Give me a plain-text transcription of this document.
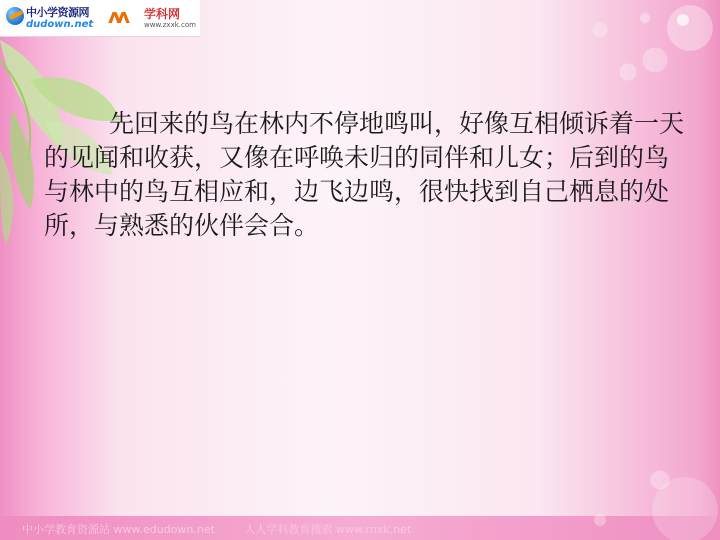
中小学资源网
dudown.net ʌʌ	学科网
www.zxxk.com

先回来的鸟在林内不停地鸣叫，好像互相倾诉着一天的见闻和收获，又像在呼唤未归的同伴和儿女；后到的鸟与林中的鸟互相应和，边飞边鸣，很快找到自己栖息的处所，与熟悉的伙伴会合。

中小学教育资源站 www.edudown.net	人人学科教育搜索 www.rnxk.net
